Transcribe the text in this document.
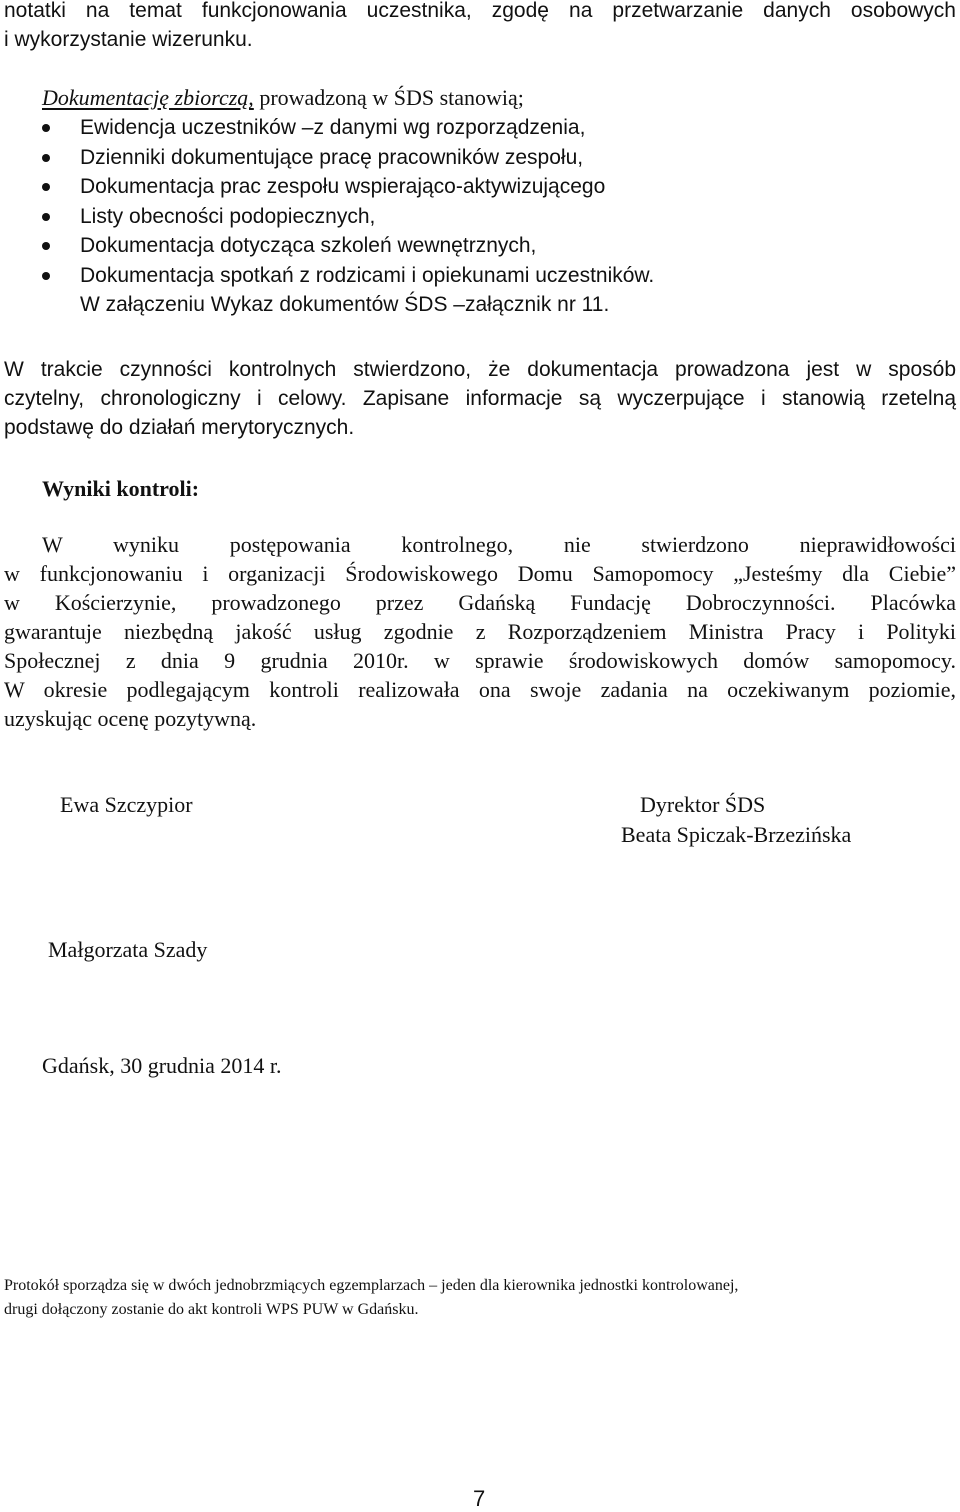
notatki na temat funkcjonowania uczestnika, zgodę na przetwarzanie danych osobowych
i wykorzystanie wizerunku.
Dokumentację zbiorczą, prowadzoną w ŚDS stanowią;
Ewidencja uczestników –z danymi wg rozporządzenia,
Dzienniki dokumentujące pracę pracowników zespołu,
Dokumentacja prac zespołu wspierająco-aktywizującego
Listy obecności podopiecznych,
Dokumentacja dotycząca szkoleń wewnętrznych,
Dokumentacja spotkań z rodzicami i opiekunami uczestników.
W załączeniu Wykaz dokumentów ŚDS –załącznik nr 11.
W trakcie czynności kontrolnych stwierdzono, że dokumentacja prowadzona jest w sposób
czytelny, chronologiczny i celowy. Zapisane informacje są wyczerpujące i stanowią rzetelną
podstawę do działań merytorycznych.
Wyniki kontroli:
W wyniku postępowania kontrolnego, nie stwierdzono nieprawidłowości
w funkcjonowaniu i organizacji Środowiskowego Domu Samopomocy „Jesteśmy dla Ciebie”
w Kościerzynie, prowadzonego przez Gdańską Fundację Dobroczynności. Placówka
gwarantuje niezbędną jakość usług zgodnie z Rozporządzeniem Ministra Pracy i Polityki
Społecznej z dnia 9 grudnia 2010r. w sprawie środowiskowych domów samopomocy.
W okresie podlegającym kontroli realizowała ona swoje zadania na oczekiwanym poziomie,
uzyskując ocenę pozytywną.
Ewa Szczypior	Dyrektor ŚDS
Beata Spiczak-Brzezińska
Małgorzata Szady
Gdańsk, 30 grudnia 2014 r.
Protokół sporządza się w dwóch jednobrzmiących egzemplarzach – jeden dla kierownika jednostki kontrolowanej,
drugi dołączony zostanie do akt kontroli WPS PUW w Gdańsku.
7
